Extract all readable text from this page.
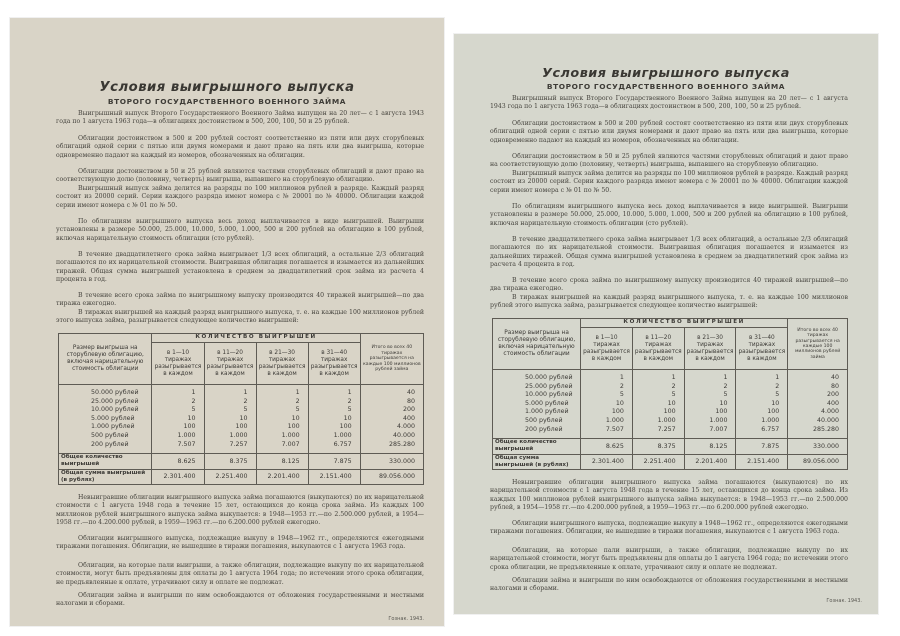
Условия выигрышного выпуска
ВТОРОГО ГОСУДАРСТВЕННОГО ВОЕННОГО ЗАЙМА
Выигрышный выпуск Второго Государственного Военного Займа выпущен на 20 лет— с 1 августа 1943 года по 1 августа 1963 года—в облигациях достоинством в 500, 200, 100, 50 и 25 рублей.
Облигации достоинством в 500 и 200 рублей состоят соответственно из пяти или двух сторублевых облигаций одной серии с пятью или двумя номерами и дают право на пять или два выигрыша, которые одновременно падают на каждый из номеров, обозначенных на облигации.
Облигации достоинством в 50 и 25 рублей являются частями сторублевых облигаций и дают право на соответствующую долю (половину, четверть) выигрыша, выпавшего на сторублевую облигацию.
Выигрышный выпуск займа делится на разряды по 100 миллионов рублей в разряде. Каждый разряд состоит из 20000 серий. Серии каждого разряда имеют номера с № 20001 по № 40000. Облигации каждой серии имеют номера с № 01 по № 50.
По облигациям выигрышного выпуска весь доход выплачивается в виде выигрышей. Выигрыши установлены в размере 50.000, 25.000, 10.000, 5.000, 1.000, 500 и 200 рублей на облигацию в 100 рублей, включая нарицательную стоимость облигации (сто рублей).
В течение двадцатилетнего срока займа выигрывает 1/3 всех облигаций, а остальные 2/3 облигаций погашаются по их нарицательной стоимости. Выигравшая облигация погашается и изымается из дальнейших тиражей. Общая сумма выигрышей установлена в среднем за двадцатилетний срок займа из расчета 4 процента в год.
В течение всего срока займа по выигрышному выпуску производится 40 тиражей выигрышей—по два тиража ежегодно.
В тиражах выигрышей на каждый разряд выигрышного выпуска, т. е. на каждые 100 миллионов рублей этого выпуска займа, разыгрывается следующее количество выигрышей:
Размер выигрыша на сторублевую облигацию, включая нарицательную стоимость облигации	КОЛИЧЕСТВО ВЫИГРЫШЕЙ				Итого во всех 40 тиражах разыгрывается на каждые 100 миллионов рублей займа
	в 1—10 тиражах разыгрывается в каждом	в 11—20 тиражах разыгрывается в каждом	в 21—30 тиражах разыгрывается в каждом	в 31—40 тиражах разыгрывается в каждом	
50.000 рублей	1	1	1	1	40
25.000 рублей	2	2	2	2	80
10.000 рублей	5	5	5	5	200
5.000 рублей	10	10	10	10	400
1.000 рублей	100	100	100	100	4.000
500 рублей	1.000	1.000	1.000	1.000	40.000
200 рублей	7.507	7.257	7.007	6.757	285.280
Общее количество выигрышей	8.625	8.375	8.125	7.875	330.000
Общая сумма выигрышей (в рублях)	2.301.400	2.251.400	2.201.400	2.151.400	89.056.000
Невыигравшие облигации выигрышного выпуска займа погашаются (выкупаются) по их нарицательной стоимости с 1 августа 1948 года в течение 15 лет, остающихся до конца срока займа. Из каждых 100 миллионов рублей выигрышного выпуска займа выкупается: в 1948—1953 гг.—по 2.500.000 рублей, в 1954—1958 гг.—по 4.200.000 рублей, в 1959—1963 гг.—по 6.200.000 рублей ежегодно.
Облигации выигрышного выпуска, подлежащие выкупу в 1948—1962 гг., определяются ежегодными тиражами погашения. Облигации, не вышедшие в тиражи погашения, выкупаются с 1 августа 1963 года.
Облигации, на которые пали выигрыши, а также облигации, подлежащие выкупу по их нарицательной стоимости, могут быть предъявлены для оплаты до 1 августа 1964 года; по истечении этого срока облигации, не предъявленные к оплате, утрачивают силу и оплате не подлежат.
Облигации займа и выигрыши по ним освобождаются от обложения государственными и местными налогами и сборами.
Гознак. 1943.
Условия выигрышного выпуска
ВТОРОГО ГОСУДАРСТВЕННОГО ВОЕННОГО ЗАЙМА
Выигрышный выпуск Второго Государственного Военного Займа выпущен на 20 лет— с 1 августа 1943 года по 1 августа 1963 года—в облигациях достоинством в 500, 200, 100, 50 и 25 рублей.
Облигации достоинством в 500 и 200 рублей состоят соответственно из пяти или двух сторублевых облигаций одной серии с пятью или двумя номерами и дают право на пять или два выигрыша, которые одновременно падают на каждый из номеров, обозначенных на облигации.
Облигации достоинством в 50 и 25 рублей являются частями сторублевых облигаций и дают право на соответствующую долю (половину, четверть) выигрыша, выпавшего на сторублевую облигацию.
Выигрышный выпуск займа делится на разряды по 100 миллионов рублей в разряде. Каждый разряд состоит из 20000 серий. Серии каждого разряда имеют номера с № 20001 по № 40000. Облигации каждой серии имеют номера с № 01 по № 50.
По облигациям выигрышного выпуска весь доход выплачивается в виде выигрышей. Выигрыши установлены в размере 50.000, 25.000, 10.000, 5.000, 1.000, 500 и 200 рублей на облигацию в 100 рублей, включая нарицательную стоимость облигации (сто рублей).
В течение двадцатилетнего срока займа выигрывает 1/3 всех облигаций, а остальные 2/3 облигаций погашаются по их нарицательной стоимости. Выигравшая облигация погашается и изымается из дальнейших тиражей. Общая сумма выигрышей установлена в среднем за двадцатилетний срок займа из расчета 4 процента в год.
В течение всего срока займа по выигрышному выпуску производится 40 тиражей выигрышей—по два тиража ежегодно.
В тиражах выигрышей на каждый разряд выигрышного выпуска, т. е. на каждые 100 миллионов рублей этого выпуска займа, разыгрывается следующее количество выигрышей:
Размер выигрыша на сторублевую облигацию, включая нарицательную стоимость облигации	КОЛИЧЕСТВО ВЫИГРЫШЕЙ				Итого во всех 40 тиражах разыгрывается на каждые 100 миллионов рублей займа
	в 1—10 тиражах разыгрывается в каждом	в 11—20 тиражах разыгрывается в каждом	в 21—30 тиражах разыгрывается в каждом	в 31—40 тиражах разыгрывается в каждом	
50.000 рублей	1	1	1	1	40
25.000 рублей	2	2	2	2	80
10.000 рублей	5	5	5	5	200
5.000 рублей	10	10	10	10	400
1.000 рублей	100	100	100	100	4.000
500 рублей	1.000	1.000	1.000	1.000	40.000
200 рублей	7.507	7.257	7.007	6.757	285.280
Общее количество выигрышей	8.625	8.375	8.125	7.875	330.000
Общая сумма выигрышей (в рублях)	2.301.400	2.251.400	2.201.400	2.151.400	89.056.000
Невыигравшие облигации выигрышного выпуска займа погашаются (выкупаются) по их нарицательной стоимости с 1 августа 1948 года в течение 15 лет, остающихся до конца срока займа. Из каждых 100 миллионов рублей выигрышного выпуска займа выкупается: в 1948—1953 гг.—по 2.500.000 рублей, в 1954—1958 гг.—по 4.200.000 рублей, в 1959—1963 гг.—по 6.200.000 рублей ежегодно.
Облигации выигрышного выпуска, подлежащие выкупу в 1948—1962 гг., определяются ежегодными тиражами погашения. Облигации, не вышедшие в тиражи погашения, выкупаются с 1 августа 1963 года.
Облигации, на которые пали выигрыши, а также облигации, подлежащие выкупу по их нарицательной стоимости, могут быть предъявлены для оплаты до 1 августа 1964 года; по истечении этого срока облигации, не предъявленные к оплате, утрачивают силу и оплате не подлежат.
Облигации займа и выигрыши по ним освобождаются от обложения государственными и местными налогами и сборами.
Гознак. 1943.
